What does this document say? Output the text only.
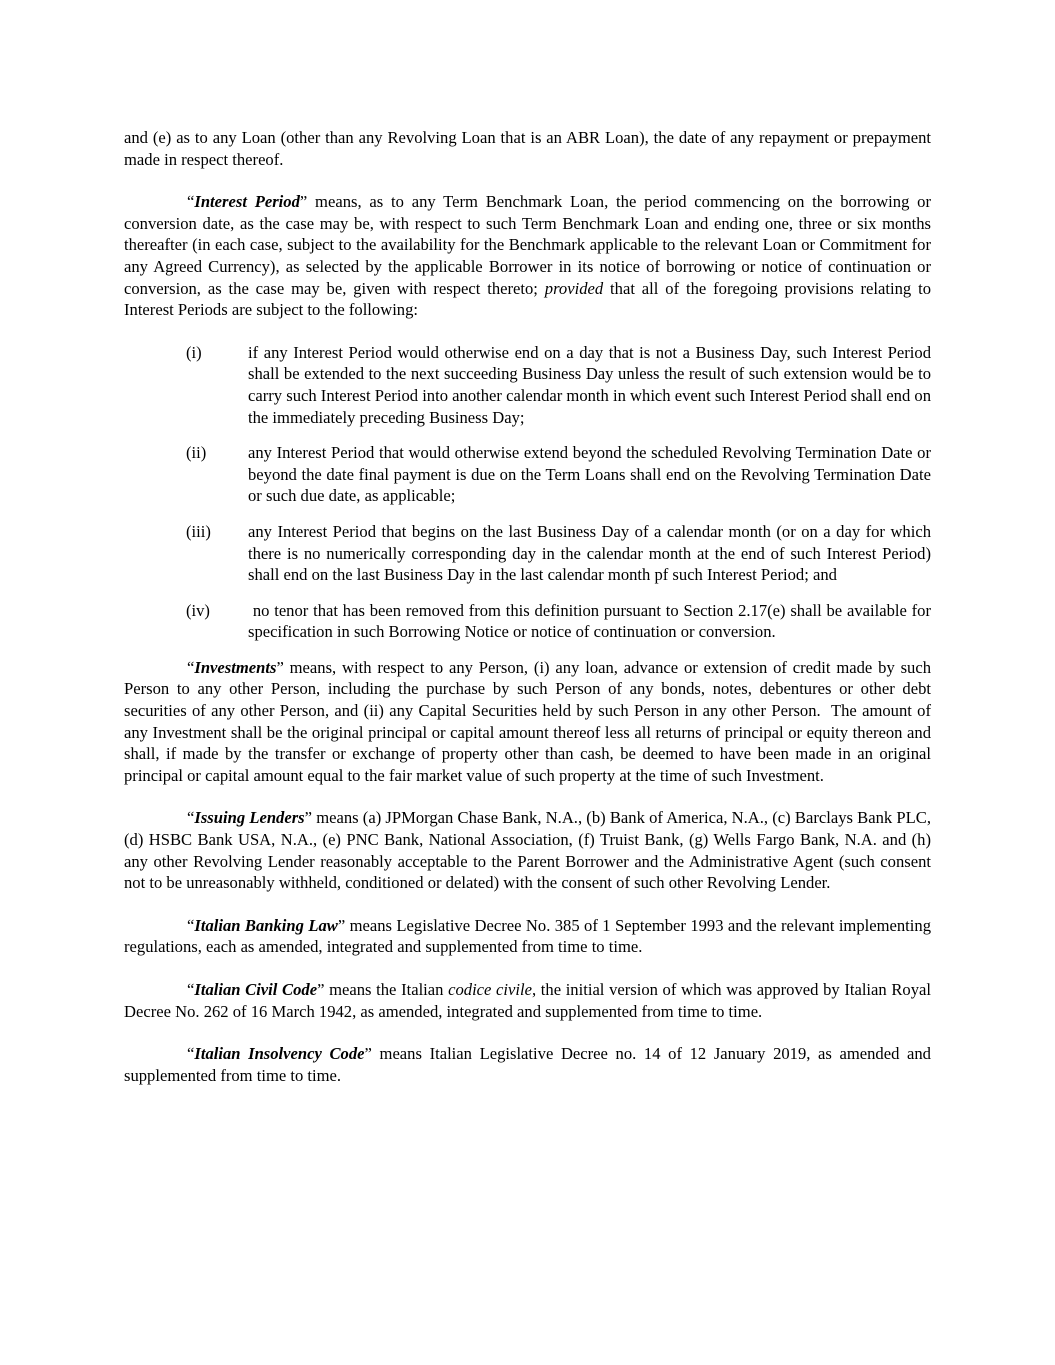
and (e) as to any Loan (other than any Revolving Loan that is an ABR Loan), the date of any repayment or prepayment made in respect thereof.

“Interest Period” means, as to any Term Benchmark Loan, the period commencing on the borrowing or conversion date, as the case may be, with respect to such Term Benchmark Loan and ending one, three or six months thereafter (in each case, subject to the availability for the Benchmark applicable to the relevant Loan or Commitment for any Agreed Currency), as selected by the applicable Borrower in its notice of borrowing or notice of continuation or conversion, as the case may be, given with respect thereto; provided that all of the foregoing provisions relating to Interest Periods are subject to the following:

(i)	if any Interest Period would otherwise end on a day that is not a Business Day, such Interest Period shall be extended to the next succeeding Business Day unless the result of such extension would be to carry such Interest Period into another calendar month in which event such Interest Period shall end on the immediately preceding Business Day;
(ii)	any Interest Period that would otherwise extend beyond the scheduled Revolving Termination Date or beyond the date final payment is due on the Term Loans shall end on the Revolving Termination Date or such due date, as applicable;
(iii)	any Interest Period that begins on the last Business Day of a calendar month (or on a day for which there is no numerically corresponding day in the calendar month at the end of such Interest Period) shall end on the last Business Day in the last calendar month pf such Interest Period; and
(iv)	no tenor that has been removed from this definition pursuant to Section 2.17(e) shall be available for specification in such Borrowing Notice or notice of continuation or conversion.

“Investments” means, with respect to any Person, (i) any loan, advance or extension of credit made by such Person to any other Person, including the purchase by such Person of any bonds, notes, debentures or other debt securities of any other Person, and (ii) any Capital Securities held by such Person in any other Person.  The amount of any Investment shall be the original principal or capital amount thereof less all returns of principal or equity thereon and shall, if made by the transfer or exchange of property other than cash, be deemed to have been made in an original principal or capital amount equal to the fair market value of such property at the time of such Investment.

“Issuing Lenders” means (a) JPMorgan Chase Bank, N.A., (b) Bank of America, N.A., (c) Barclays Bank PLC, (d) HSBC Bank USA, N.A., (e) PNC Bank, National Association, (f) Truist Bank, (g) Wells Fargo Bank, N.A. and (h) any other Revolving Lender reasonably acceptable to the Parent Borrower and the Administrative Agent (such consent not to be unreasonably withheld, conditioned or delated) with the consent of such other Revolving Lender.

“Italian Banking Law” means Legislative Decree No. 385 of 1 September 1993 and the relevant implementing regulations, each as amended, integrated and supplemented from time to time.

“Italian Civil Code” means the Italian codice civile, the initial version of which was approved by Italian Royal Decree No. 262 of 16 March 1942, as amended, integrated and supplemented from time to time.

“Italian Insolvency Code” means Italian Legislative Decree no. 14 of 12 January 2019, as amended and supplemented from time to time.
